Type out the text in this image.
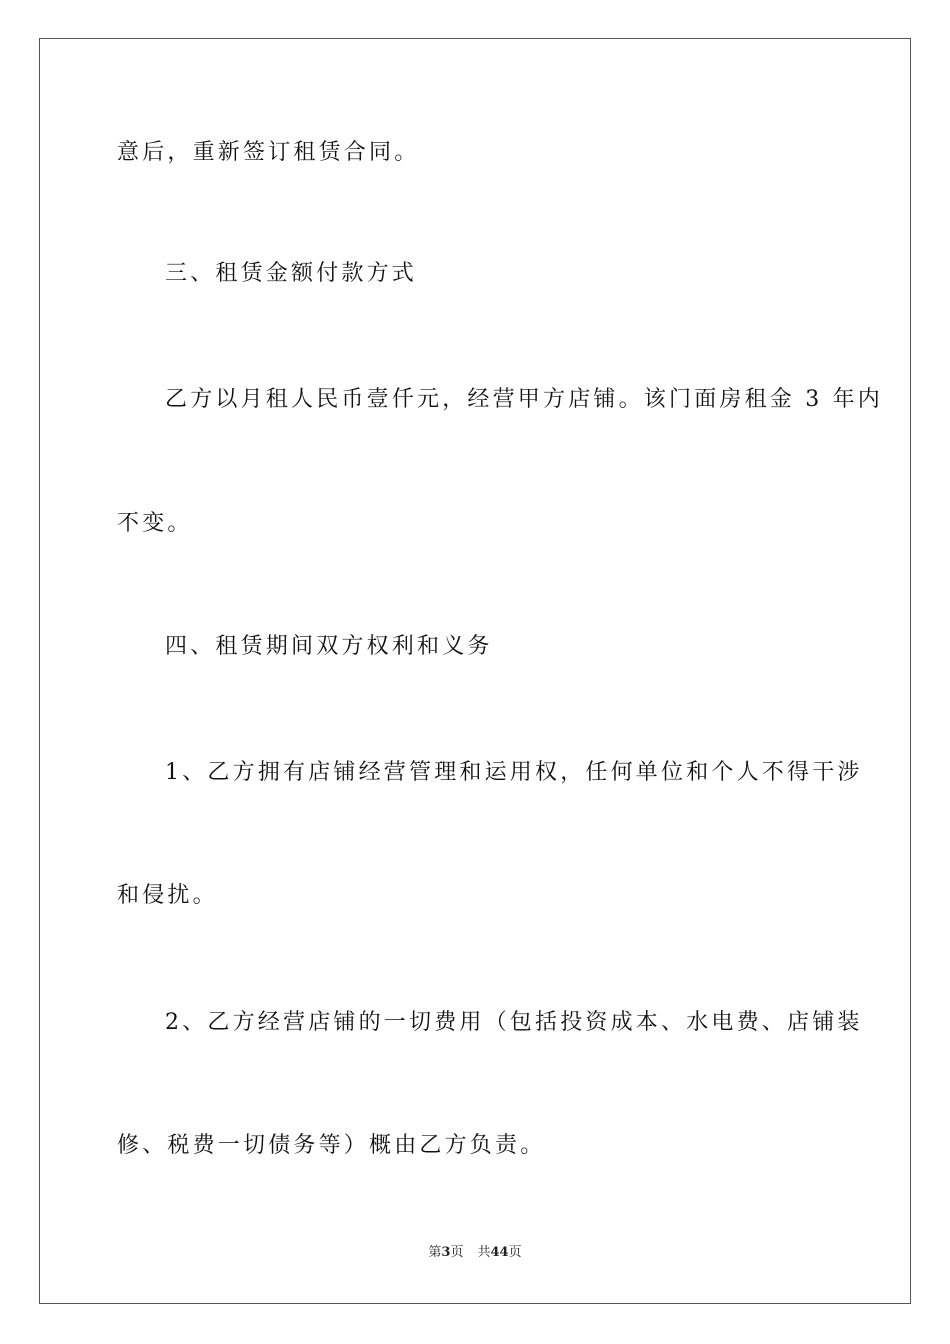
意后，重新签订租赁合同。
三、租赁金额付款方式
乙方以月租人民币壹仟元，经营甲方店铺。该门面房租金 3 年内
不变。
四、租赁期间双方权利和义务
1、乙方拥有店铺经营管理和运用权，任何单位和个人不得干涉
和侵扰。
2、乙方经营店铺的一切费用（包括投资成本、水电费、店铺装
修、税费一切债务等）概由乙方负责。
第3页 共44页
